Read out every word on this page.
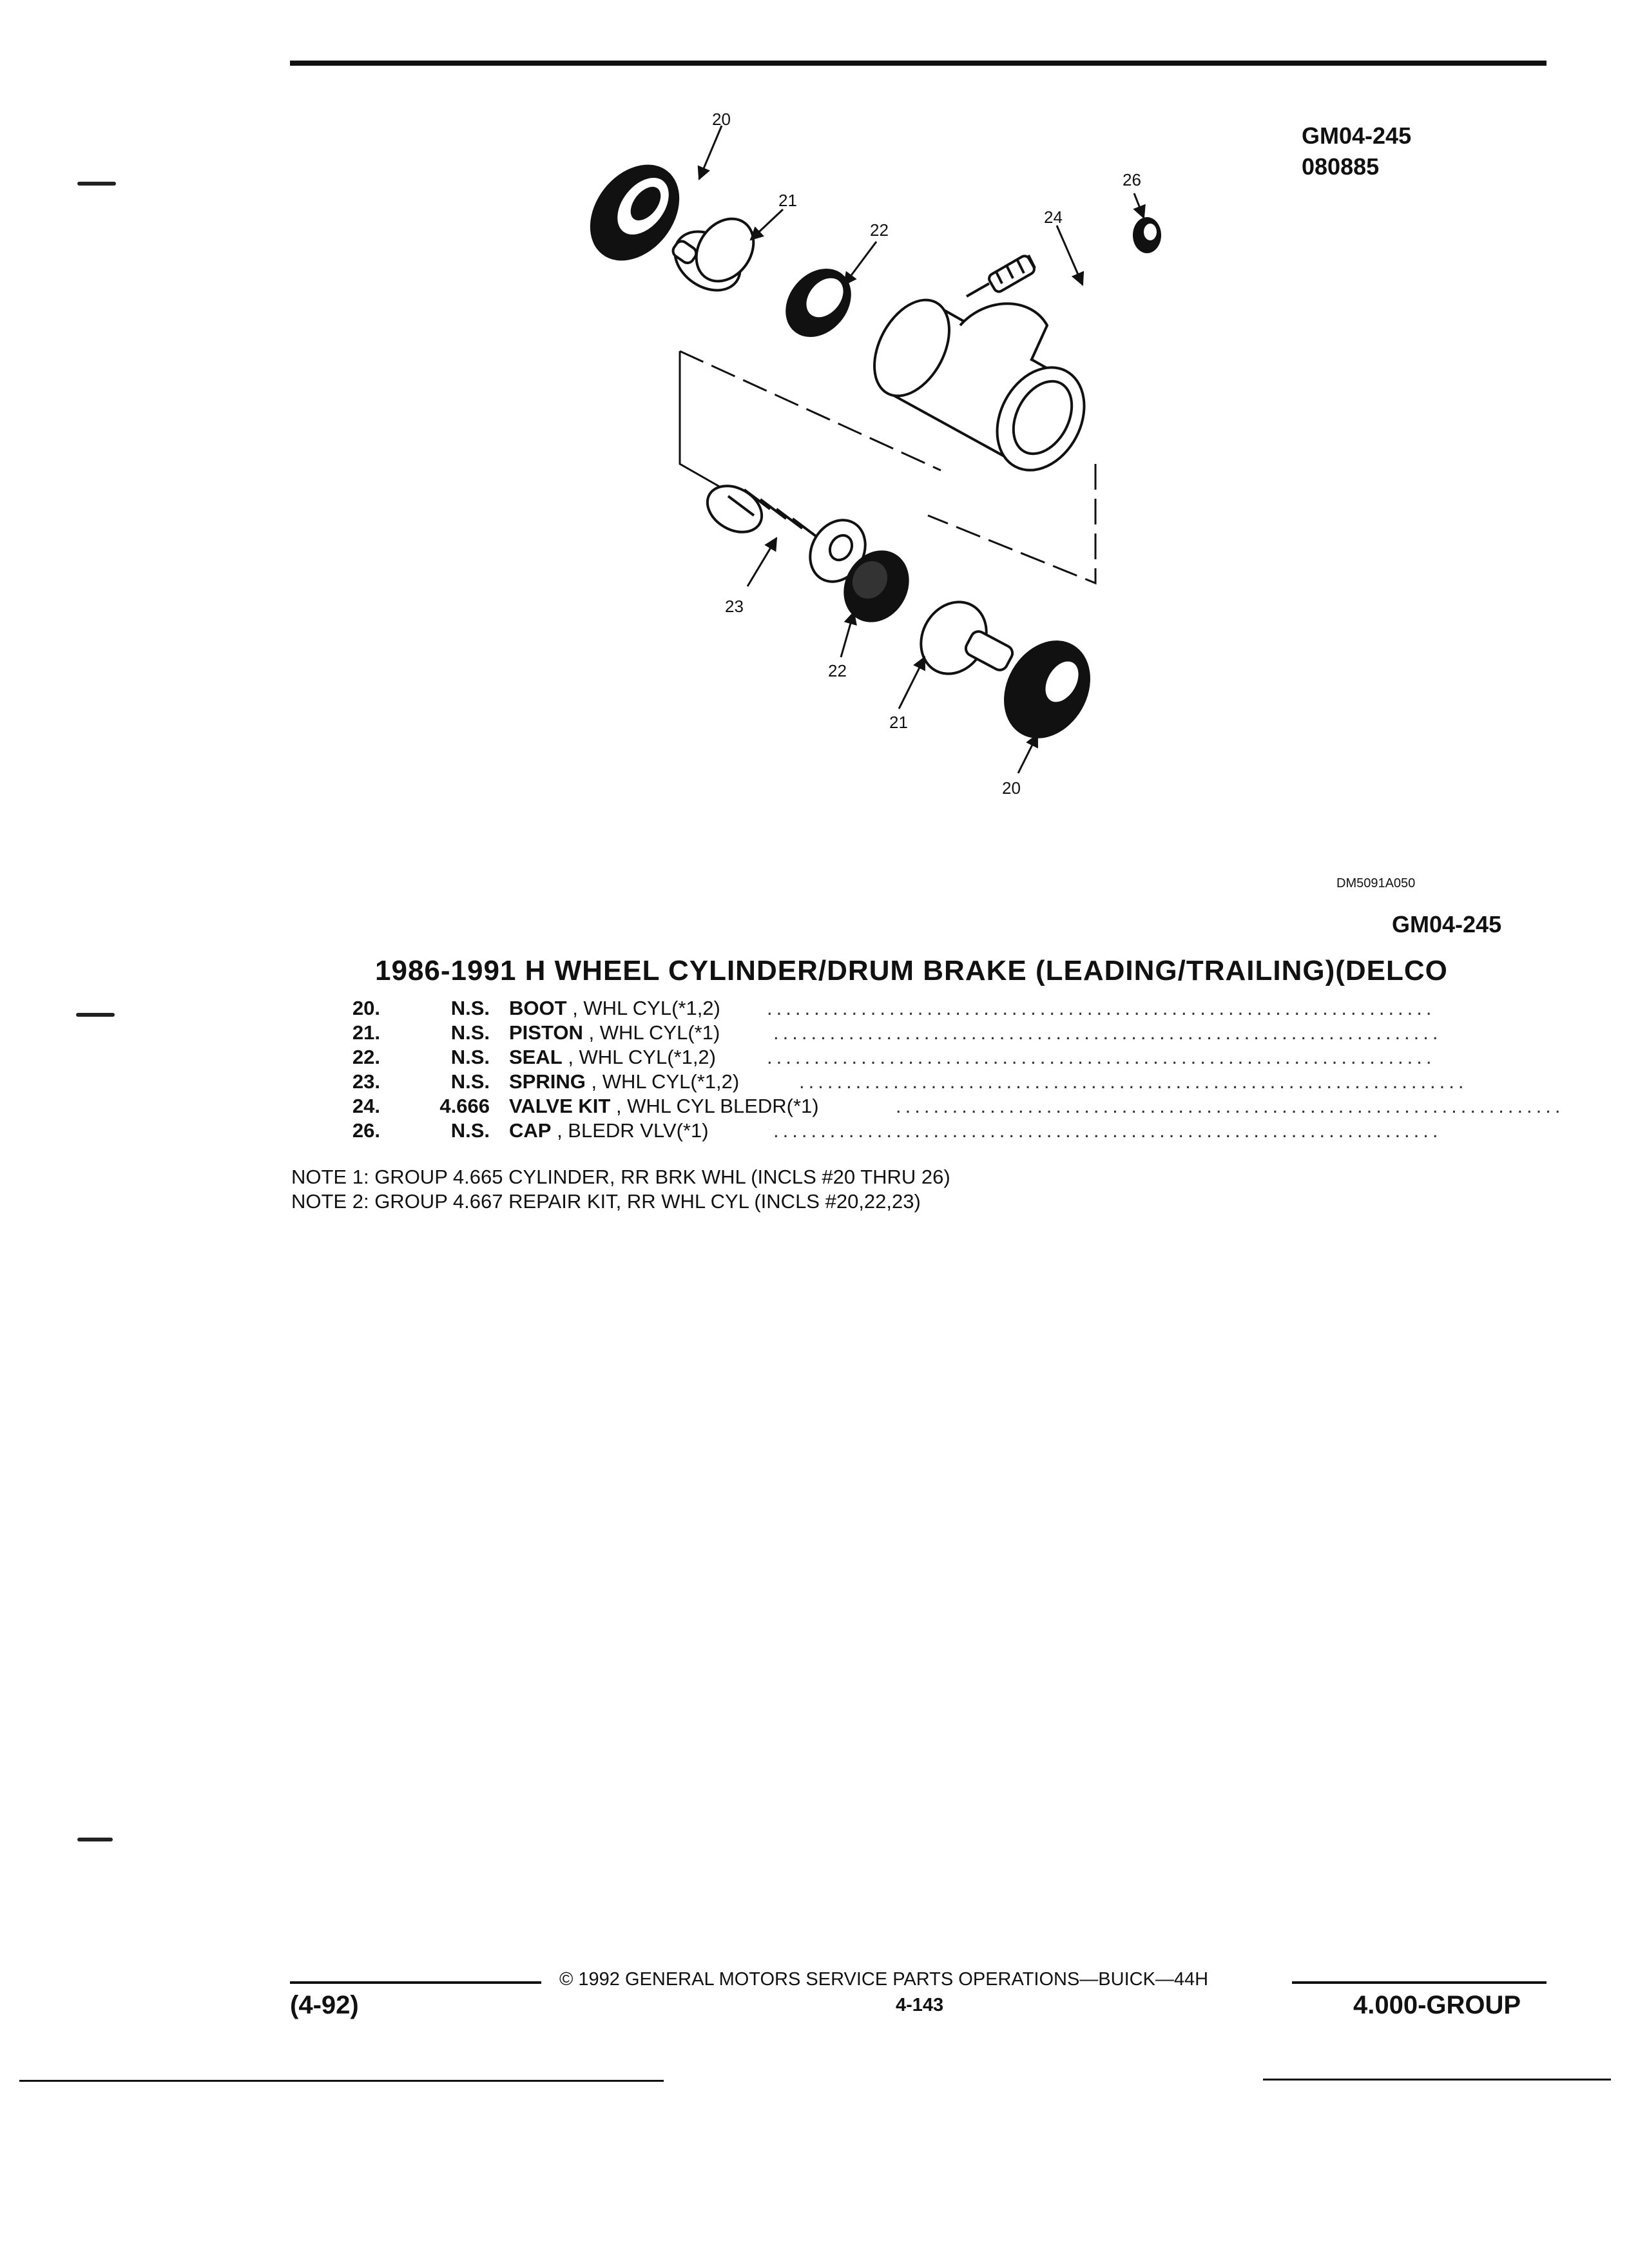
GM04-245
080885
20
21
22
24
26
23
22
21
20
DM5091A050
GM04-245
1986-1991 H WHEEL CYLINDER/DRUM BRAKE (LEADING/TRAILING)(DELCO
20.	N.S. BOOT , WHL CYL(*1,2) .......................................................................
21.	N.S. PISTON , WHL CYL(*1)	.......................................................................
22.	N.S. SEAL , WHL CYL(*1,2)	.......................................................................
23.	N.S. SPRING , WHL CYL(*1,2)	.......................................................................
24.	4.666 VALVE KIT , WHL CYL BLEDR(*1)	.......................................................................
26.	N.S. CAP , BLEDR VLV(*1)	.......................................................................
NOTE 1: GROUP 4.665 CYLINDER, RR BRK WHL (INCLS #20 THRU 26)
NOTE 2: GROUP 4.667 REPAIR KIT, RR WHL CYL (INCLS #20,22,23)
© 1992 GENERAL MOTORS SERVICE PARTS OPERATIONS—BUICK—44H
(4-92)	4-143	4.000-GROUP
